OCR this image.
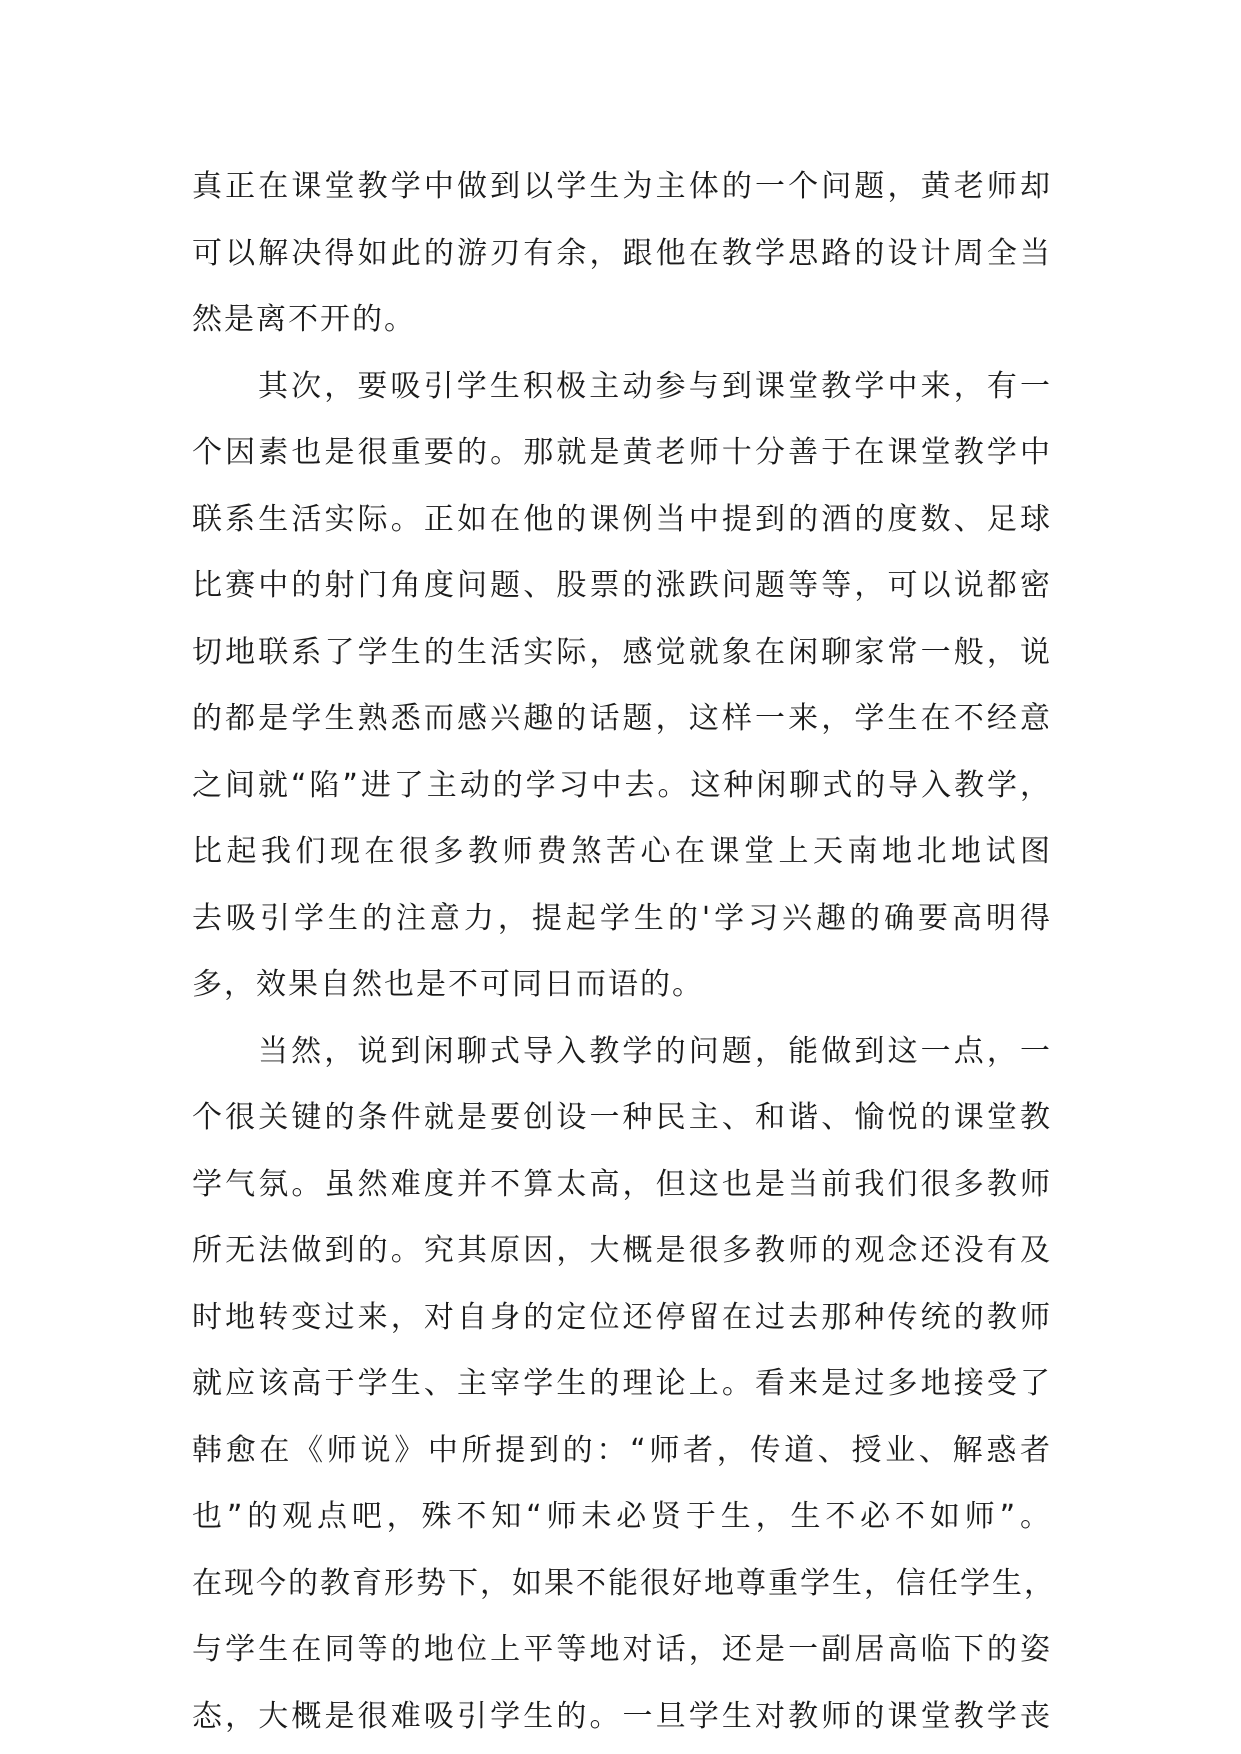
真正在课堂教学中做到以学生为主体的一个问题，黄老师却
可以解决得如此的游刃有余，跟他在教学思路的设计周全当
然是离不开的。
其次，要吸引学生积极主动参与到课堂教学中来，有一
个因素也是很重要的。那就是黄老师十分善于在课堂教学中
联系生活实际。正如在他的课例当中提到的酒的度数、足球
比赛中的射门角度问题、股票的涨跌问题等等，可以说都密
切地联系了学生的生活实际，感觉就象在闲聊家常一般，说
的都是学生熟悉而感兴趣的话题，这样一来，学生在不经意
之间就“陷”进了主动的学习中去。这种闲聊式的导入教学，
比起我们现在很多教师费煞苦心在课堂上天南地北地试图
去吸引学生的注意力，提起学生的'学习兴趣的确要高明得
多，效果自然也是不可同日而语的。
当然，说到闲聊式导入教学的问题，能做到这一点，一
个很关键的条件就是要创设一种民主、和谐、愉悦的课堂教
学气氛。虽然难度并不算太高，但这也是当前我们很多教师
所无法做到的。究其原因，大概是很多教师的观念还没有及
时地转变过来，对自身的定位还停留在过去那种传统的教师
就应该高于学生、主宰学生的理论上。看来是过多地接受了
韩愈在《师说》中所提到的：“师者，传道、授业、解惑者
也”的观点吧，殊不知“师未必贤于生，生不必不如师”。
在现今的教育形势下，如果不能很好地尊重学生，信任学生，
与学生在同等的地位上平等地对话，还是一副居高临下的姿
态，大概是很难吸引学生的。一旦学生对教师的课堂教学丧
